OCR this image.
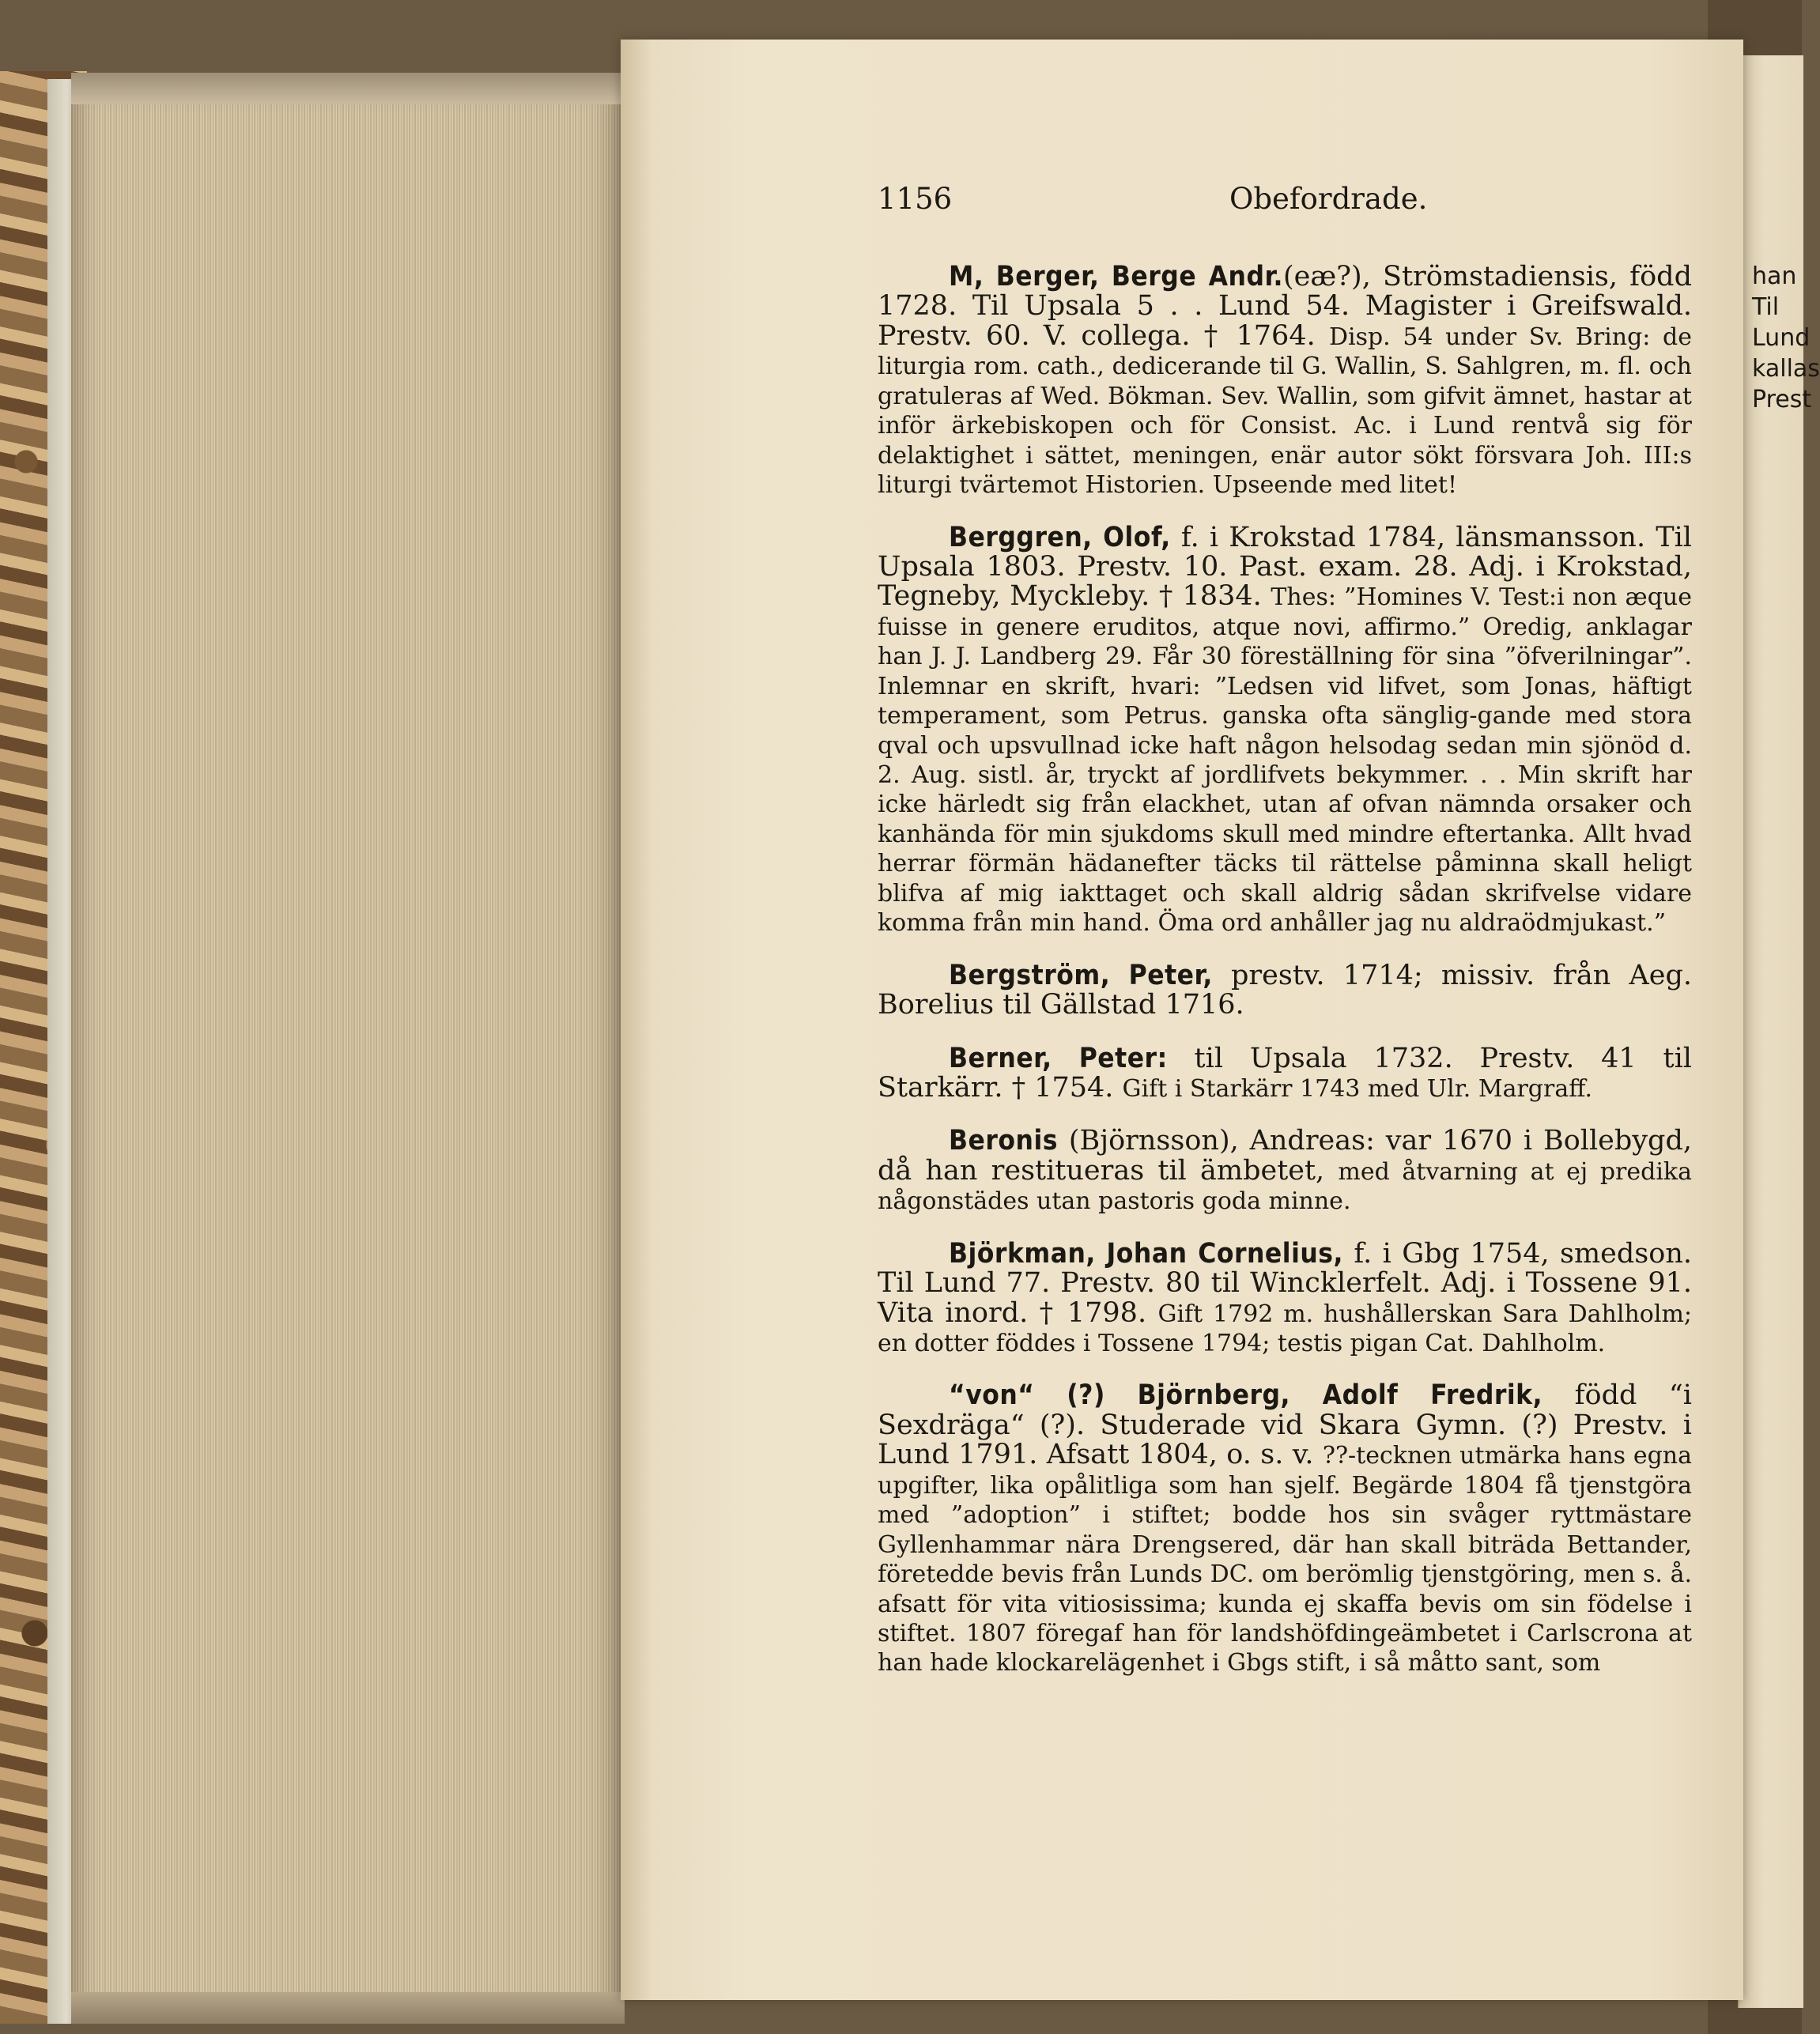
han
Til
Lund
kallas
Prest
1156	Obefordrade.

M, Berger, Berge Andr.(eæ?), Strömstadiensis, född 1728. Til Upsala 5 . . Lund 54. Magister i Greifswald. Prestv. 60. V. collega. † 1764. Disp. 54 under Sv. Bring: de liturgia rom. cath., dedicerande til G. Wallin, S. Sahlgren, m. fl. och gratuleras af Wed. Bökman. Sev. Wallin, som gifvit ämnet, hastar at inför ärkebiskopen och för Consist. Ac. i Lund rentvå sig för delaktighet i sättet, meningen, enär autor sökt försvara Joh. III:s liturgi tvärtemot Historien. Upseende med litet!

Berggren, Olof, f. i Krokstad 1784, länsmansson. Til Upsala 1803. Prestv. 10. Past. exam. 28. Adj. i Krokstad, Tegneby, Myckleby. † 1834. Thes: ”Homines V. Test:i non æque fuisse in genere eruditos, atque novi, affirmo.” Oredig, anklagar han J. J. Landberg 29. Får 30 föreställning för sina ”öfverilningar”. Inlemnar en skrift, hvari: ”Ledsen vid lifvet, som Jonas, häftigt temperament, som Petrus. ganska ofta sänglig-gande med stora qval och upsvullnad icke haft någon helsodag sedan min sjönöd d. 2. Aug. sistl. år, tryckt af jordlifvets bekymmer. . . Min skrift har icke härledt sig från elackhet, utan af ofvan nämnda orsaker och kanhända för min sjukdoms skull med mindre eftertanka. Allt hvad herrar förmän hädanefter täcks til rättelse påminna skall heligt blifva af mig iakttaget och skall aldrig sådan skrifvelse vidare komma från min hand. Öma ord anhåller jag nu aldraödmjukast.”

Bergström, Peter, prestv. 1714; missiv. från Aeg. Borelius til Gällstad 1716.

Berner, Peter: til Upsala 1732. Prestv. 41 til Starkärr. † 1754. Gift i Starkärr 1743 med Ulr. Margraff.

Beronis (Björnsson), Andreas: var 1670 i Bollebygd, då han restitueras til ämbetet, med åtvarning at ej predika någonstädes utan pastoris goda minne.

Björkman, Johan Cornelius, f. i Gbg 1754, smedson. Til Lund 77. Prestv. 80 til Wincklerfelt. Adj. i Tossene 91. Vita inord. † 1798. Gift 1792 m. hushållerskan Sara Dahlholm; en dotter föddes i Tossene 1794; testis pigan Cat. Dahlholm.

“von“ (?) Björnberg, Adolf Fredrik, född “i Sexdräga“ (?). Studerade vid Skara Gymn. (?) Prestv. i Lund 1791. Afsatt 1804, o. s. v. ??-tecknen utmärka hans egna upgifter, lika opålitliga som han sjelf. Begärde 1804 få tjenstgöra med ”adoption” i stiftet; bodde hos sin svåger ryttmästare Gyllenhammar nära Drengsered, där han skall biträda Bettander, företedde bevis från Lunds DC. om berömlig tjenstgöring, men s. å. afsatt för vita vitiosissima; kunda ej skaffa bevis om sin födelse i stiftet. 1807 föregaf han för landshöfdingeämbetet i Carlscrona at han hade klockarelägenhet i Gbgs stift, i så måtto sant, som
